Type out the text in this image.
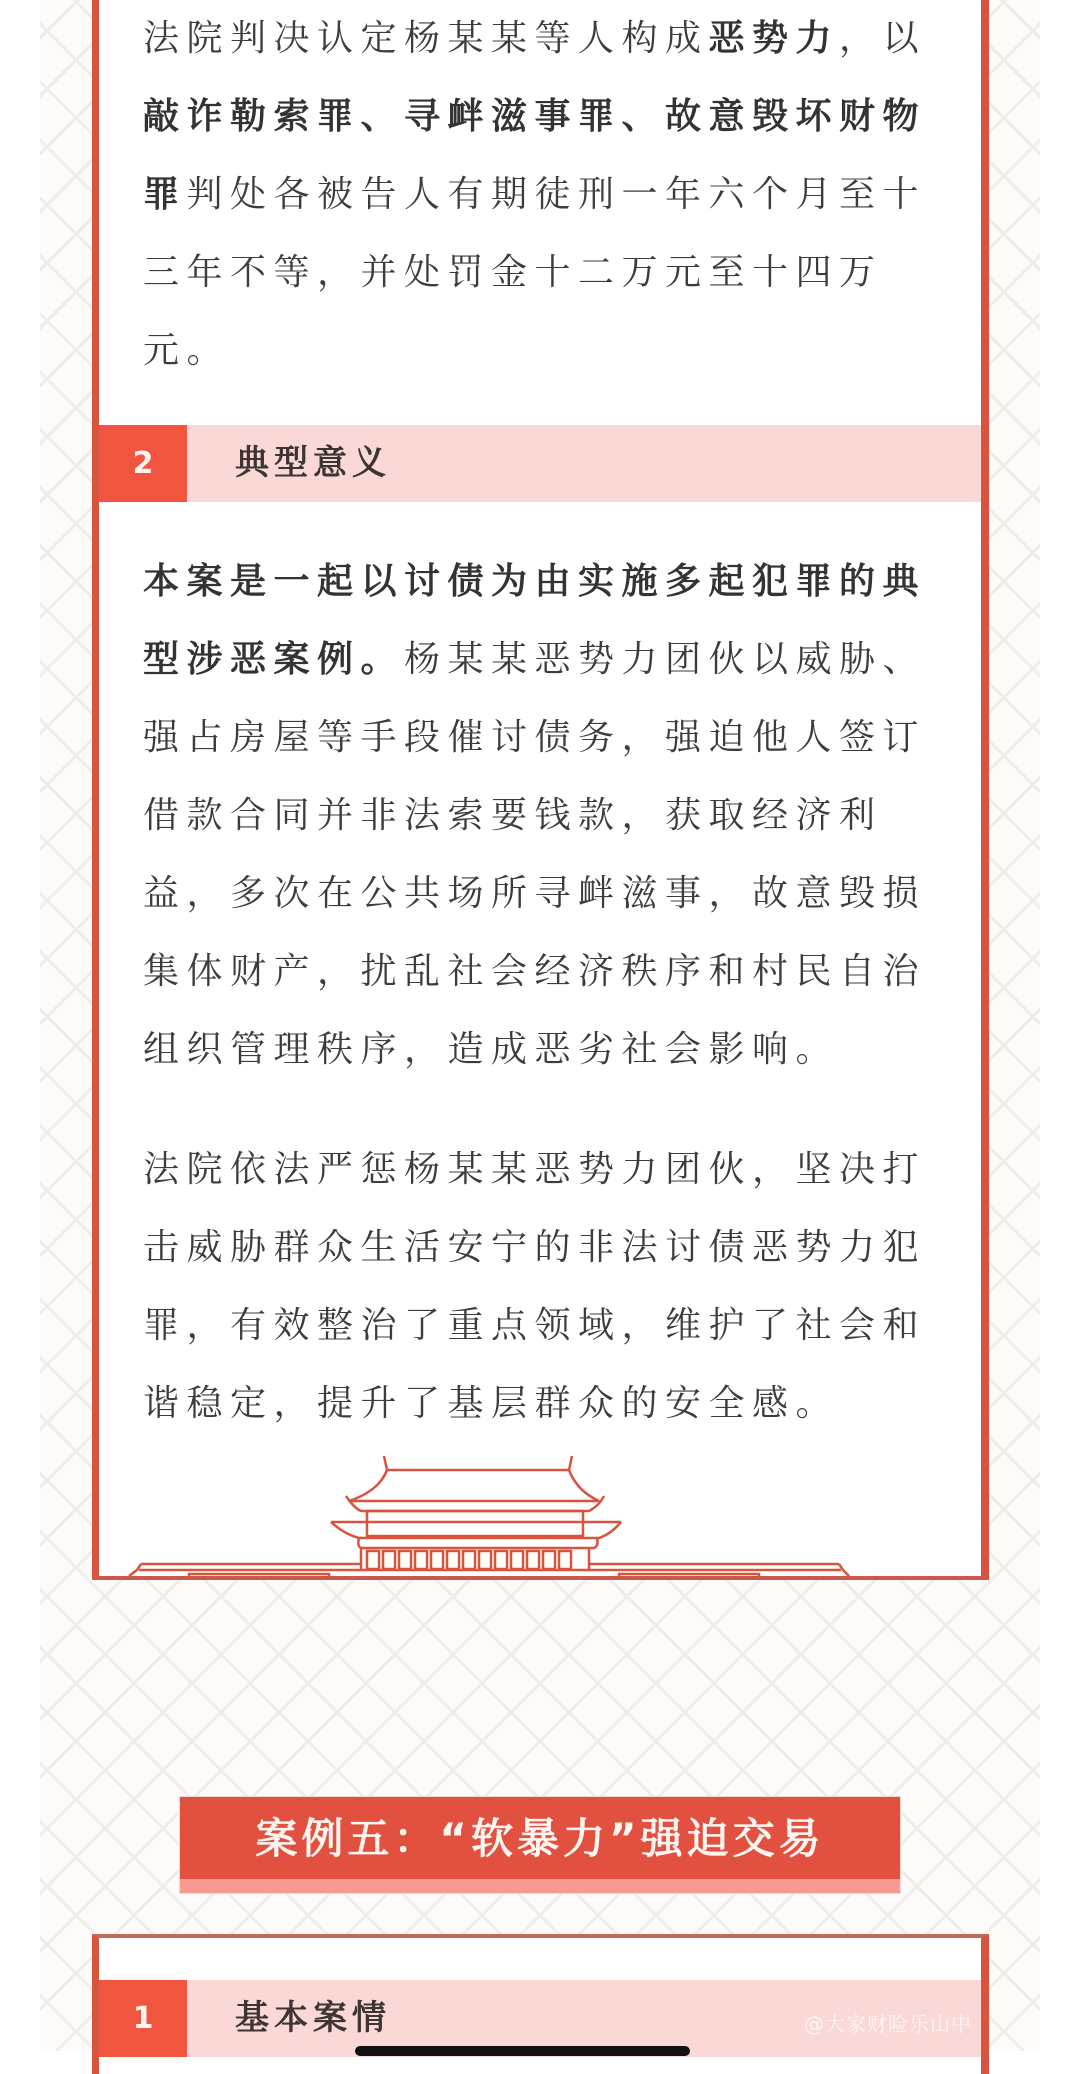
法院判决认定杨某某等人构成恶势力，以敲诈勒索罪、寻衅滋事罪、故意毁坏财物罪判处各被告人有期徒刑一年六个月至十三年不等，并处罚金十二万元至十四万元。

2	典型意义

本案是一起以讨债为由实施多起犯罪的典型涉恶案例。杨某某恶势力团伙以威胁、强占房屋等手段催讨债务，强迫他人签订借款合同并非法索要钱款，获取经济利益，多次在公共场所寻衅滋事，故意毁损集体财产，扰乱社会经济秩序和村民自治组织管理秩序，造成恶劣社会影响。

法院依法严惩杨某某恶势力团伙，坚决打击威胁群众生活安宁的非法讨债恶势力犯罪，有效整治了重点领域，维护了社会和谐稳定，提升了基层群众的安全感。

案例五：“软暴力”强迫交易
1	基本案情	@大家财险乐山中
